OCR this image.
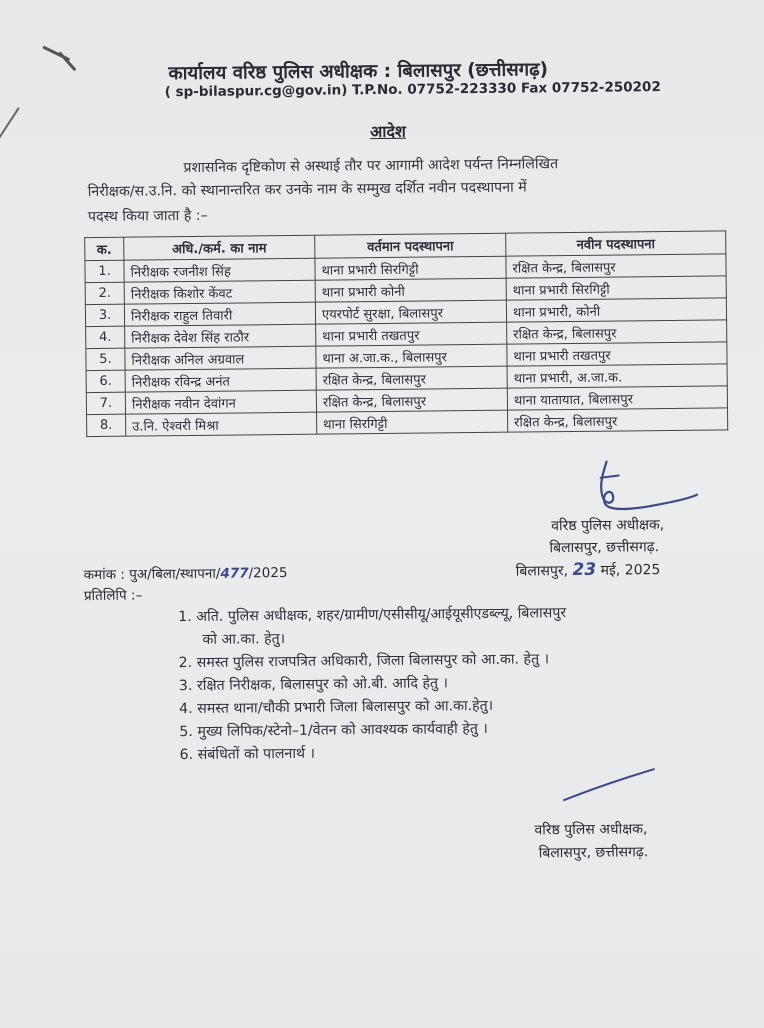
कार्यालय वरिष्ठ पुलिस अधीक्षक : बिलासपुर (छत्तीसगढ़)
( sp-bilaspur.cg@gov.in) T.P.No. 07752-223330 Fax 07752-250202
आदेश
प्रशासनिक दृष्टिकोण से अस्थाई तौर पर आगामी आदेश पर्यन्त निम्नलिखित
निरीक्षक/स.उ.नि. को स्थानान्तरित कर उनके नाम के सम्मुख दर्शित नवीन पदस्थापना में
पदस्थ किया जाता है :–
क.	अधि./कर्म. का नाम	वर्तमान पदस्थापना	नवीन पदस्थापना
1.	निरीक्षक रजनीश सिंह	थाना प्रभारी सिरगिट्टी	रक्षित केन्द्र, बिलासपुर
2.	निरीक्षक किशोर केंवट	थाना प्रभारी कोनी	थाना प्रभारी सिरगिट्टी
3.	निरीक्षक राहुल तिवारी	एयरपोर्ट सुरक्षा, बिलासपुर	थाना प्रभारी, कोनी
4.	निरीक्षक देवेश सिंह राठौर	थाना प्रभारी तखतपुर	रक्षित केन्द्र, बिलासपुर
5.	निरीक्षक अनिल अग्रवाल	थाना अ.जा.क., बिलासपुर	थाना प्रभारी तखतपुर
6.	निरीक्षक रविन्द्र अनंत	रक्षित केन्द्र, बिलासपुर	थाना प्रभारी, अ.जा.क.
7.	निरीक्षक नवीन देवांगन	रक्षित केन्द्र, बिलासपुर	थाना यातायात, बिलासपुर
8.	उ.नि. ऐश्वरी मिश्रा	थाना सिरगिट्टी	रक्षित केन्द्र, बिलासपुर
वरिष्ठ पुलिस अधीक्षक,
बिलासपुर, छत्तीसगढ़.
कमांक : पुअ/बिला/स्थापना/477/2025	बिलासपुर, 23 मई, 2025
प्रतिलिपि :–
1. अति. पुलिस अधीक्षक, शहर/ग्रामीण/एसीसीयू/आईयूसीएडब्ल्यू, बिलासपुर
को आ.का. हेतु।
2. समस्त पुलिस राजपत्रित अधिकारी, जिला बिलासपुर को आ.का. हेतु ।
3. रक्षित निरीक्षक, बिलासपुर को ओ.बी. आदि हेतु ।
4. समस्त थाना/चौकी प्रभारी जिला बिलासपुर को आ.का.हेतु।
5. मुख्य लिपिक/स्टेनो–1/वेतन को आवश्यक कार्यवाही हेतु ।
6. संबंधितों को पालनार्थ ।
वरिष्ठ पुलिस अधीक्षक,
बिलासपुर, छत्तीसगढ़.
